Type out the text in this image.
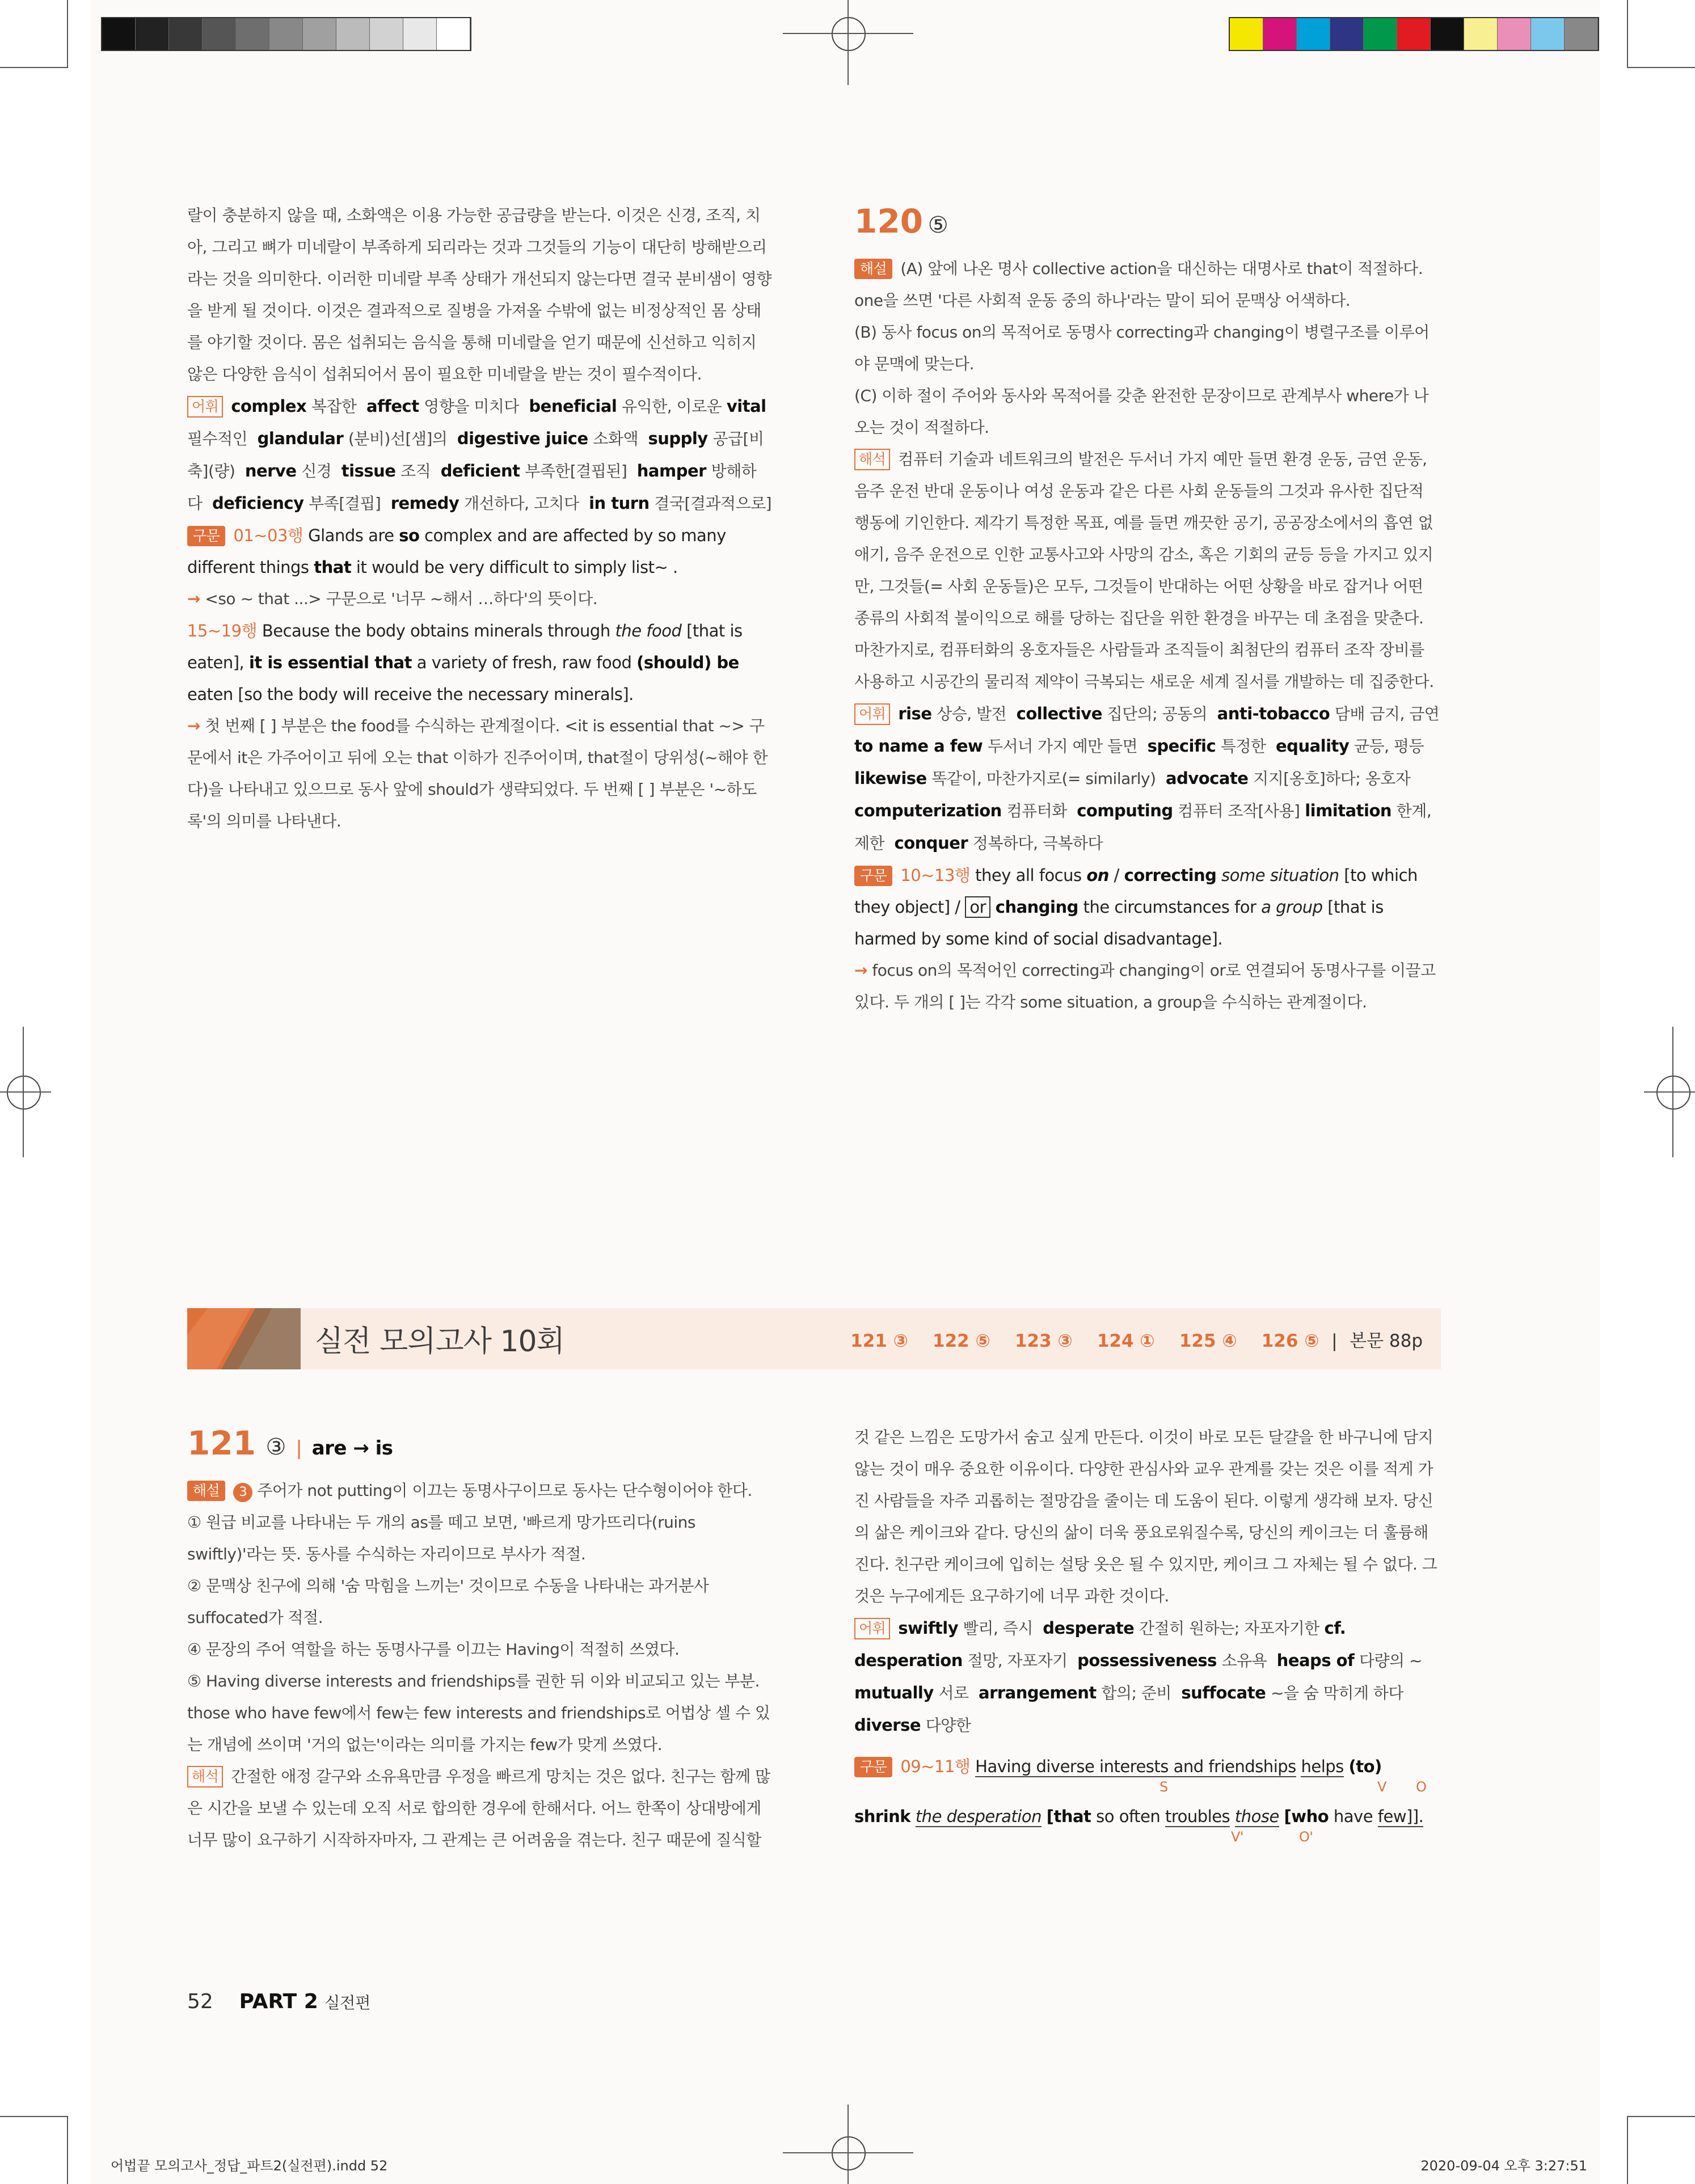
랄이 충분하지 않을 때, 소화액은 이용 가능한 공급량을 받는다. 이것은 신경, 조직, 치아, 그리고 뼈가 미네랄이 부족하게 되리라는 것과 그것들의 기능이 대단히 방해받으리라는 것을 의미한다. 이러한 미네랄 부족 상태가 개선되지 않는다면 결국 분비샘이 영향을 받게 될 것이다. 이것은 결과적으로 질병을 가져올 수밖에 없는 비정상적인 몸 상태를 야기할 것이다. 몸은 섭취되는 음식을 통해 미네랄을 얻기 때문에 신선하고 익히지 않은 다양한 음식이 섭취되어서 몸이 필요한 미네랄을 받는 것이 필수적이다.

어휘 complex 복잡한 affect 영향을 미치다 beneficial 유익한, 이로운 vital 필수적인 glandular (분비)선[샘]의 digestive juice 소화액 supply 공급[비축](량) nerve 신경 tissue 조직 deficient 부족한[결핍된] hamper 방해하다 deficiency 부족[결핍] remedy 개선하다, 고치다 in turn 결국[결과적으로]

구문 01~03행 Glands are so complex and are affected by so many different things that it would be very difficult to simply list~ .

→ <so ~ that ...> 구문으로 '너무 ~해서 …하다'의 뜻이다.

15~19행 Because the body obtains minerals through the food [that is eaten], it is essential that a variety of fresh, raw food (should) be eaten [so the body will receive the necessary minerals].

→ 첫 번째 [ ] 부분은 the food를 수식하는 관계절이다. <it is essential that ~> 구문에서 it은 가주어이고 뒤에 오는 that 이하가 진주어이며, that절이 당위성(~해야 한다)을 나타내고 있으므로 동사 앞에 should가 생략되었다. 두 번째 [ ] 부분은 '~하도록'의 의미를 나타낸다.

120 ⑤

해설 (A) 앞에 나온 명사 collective action을 대신하는 대명사로 that이 적절하다. one을 쓰면 '다른 사회적 운동 중의 하나'라는 말이 되어 문맥상 어색하다.

(B) 동사 focus on의 목적어로 동명사 correcting과 changing이 병렬구조를 이루어야 문맥에 맞는다.

(C) 이하 절이 주어와 동사와 목적어를 갖춘 완전한 문장이므로 관계부사 where가 나오는 것이 적절하다.

해석 컴퓨터 기술과 네트워크의 발전은 두서너 가지 예만 들면 환경 운동, 금연 운동, 음주 운전 반대 운동이나 여성 운동과 같은 다른 사회 운동들의 그것과 유사한 집단적 행동에 기인한다. 제각기 특정한 목표, 예를 들면 깨끗한 공기, 공공장소에서의 흡연 없애기, 음주 운전으로 인한 교통사고와 사망의 감소, 혹은 기회의 균등 등을 가지고 있지만, 그것들(= 사회 운동들)은 모두, 그것들이 반대하는 어떤 상황을 바로 잡거나 어떤 종류의 사회적 불이익으로 해를 당하는 집단을 위한 환경을 바꾸는 데 초점을 맞춘다. 마찬가지로, 컴퓨터화의 옹호자들은 사람들과 조직들이 최첨단의 컴퓨터 조작 장비를 사용하고 시공간의 물리적 제약이 극복되는 새로운 세계 질서를 개발하는 데 집중한다.

어휘 rise 상승, 발전 collective 집단의; 공동의 anti-tobacco 담배 금지, 금연 to name a few 두서너 가지 예만 들면 specific 특정한 equality 균등, 평등  likewise 똑같이, 마찬가지로(= similarly) advocate 지지[옹호]하다; 옹호자 computerization 컴퓨터화 computing 컴퓨터 조작[사용] limitation 한계, 제한 conquer 정복하다, 극복하다

구문 10~13행 they all focus on / correcting some situation [to which they object] / or changing the circumstances for a group [that is harmed by some kind of social disadvantage].

→ focus on의 목적어인 correcting과 changing이 or로 연결되어 동명사구를 이끌고 있다. 두 개의 [ ]는 각각 some situation, a group을 수식하는 관계절이다.

실전 모의고사 10회	121 ③ 122 ⑤ 123 ③ 124 ① 125 ④ 126 ⑤ | 본문 88p

121 ③ | are → is

해설 3 주어가 not putting이 이끄는 동명사구이므로 동사는 단수형이어야 한다.

① 원급 비교를 나타내는 두 개의 as를 떼고 보면, '빠르게 망가뜨리다(ruins swiftly)'라는 뜻. 동사를 수식하는 자리이므로 부사가 적절.

② 문맥상 친구에 의해 '숨 막힘을 느끼는' 것이므로 수동을 나타내는 과거분사 suffocated가 적절.

④ 문장의 주어 역할을 하는 동명사구를 이끄는 Having이 적절히 쓰였다.

⑤ Having diverse interests and friendships를 권한 뒤 이와 비교되고 있는 부분. those who have few에서 few는 few interests and friendships로 어법상 셀 수 있는 개념에 쓰이며 '거의 없는'이라는 의미를 가지는 few가 맞게 쓰였다.

해석 간절한 애정 갈구와 소유욕만큼 우정을 빠르게 망치는 것은 없다. 친구는 함께 많은 시간을 보낼 수 있는데 오직 서로 합의한 경우에 한해서다. 어느 한쪽이 상대방에게 너무 많이 요구하기 시작하자마자, 그 관계는 큰 어려움을 겪는다. 친구 때문에 질식할

것 같은 느낌은 도망가서 숨고 싶게 만든다. 이것이 바로 모든 달걀을 한 바구니에 담지 않는 것이 매우 중요한 이유이다. 다양한 관심사와 교우 관계를 갖는 것은 이를 적게 가진 사람들을 자주 괴롭히는 절망감을 줄이는 데 도움이 된다. 이렇게 생각해 보자. 당신의 삶은 케이크와 같다. 당신의 삶이 더욱 풍요로워질수록, 당신의 케이크는 더 훌륭해진다. 친구란 케이크에 입히는 설탕 옷은 될 수 있지만, 케이크 그 자체는 될 수 없다. 그것은 누구에게든 요구하기에 너무 과한 것이다.

어휘 swiftly 빨리, 즉시 desperate 간절히 원하는; 자포자기한 cf. desperation 절망, 자포자기 possessiveness 소유욕 heaps of 다량의 ~  mutually 서로 arrangement 합의; 준비 suffocate ~을 숨 막히게 하다 diverse 다양한

구문 09~11행 Having diverse interests and friendships helps (to) shrink the desperation [that so often troubles those [who have few]].
S	V O
V'	O'
52 PART 2 실전편
어법끝 모의고사_정답_파트2(실전편).indd 52	2020-09-04 오후 3:27:51
